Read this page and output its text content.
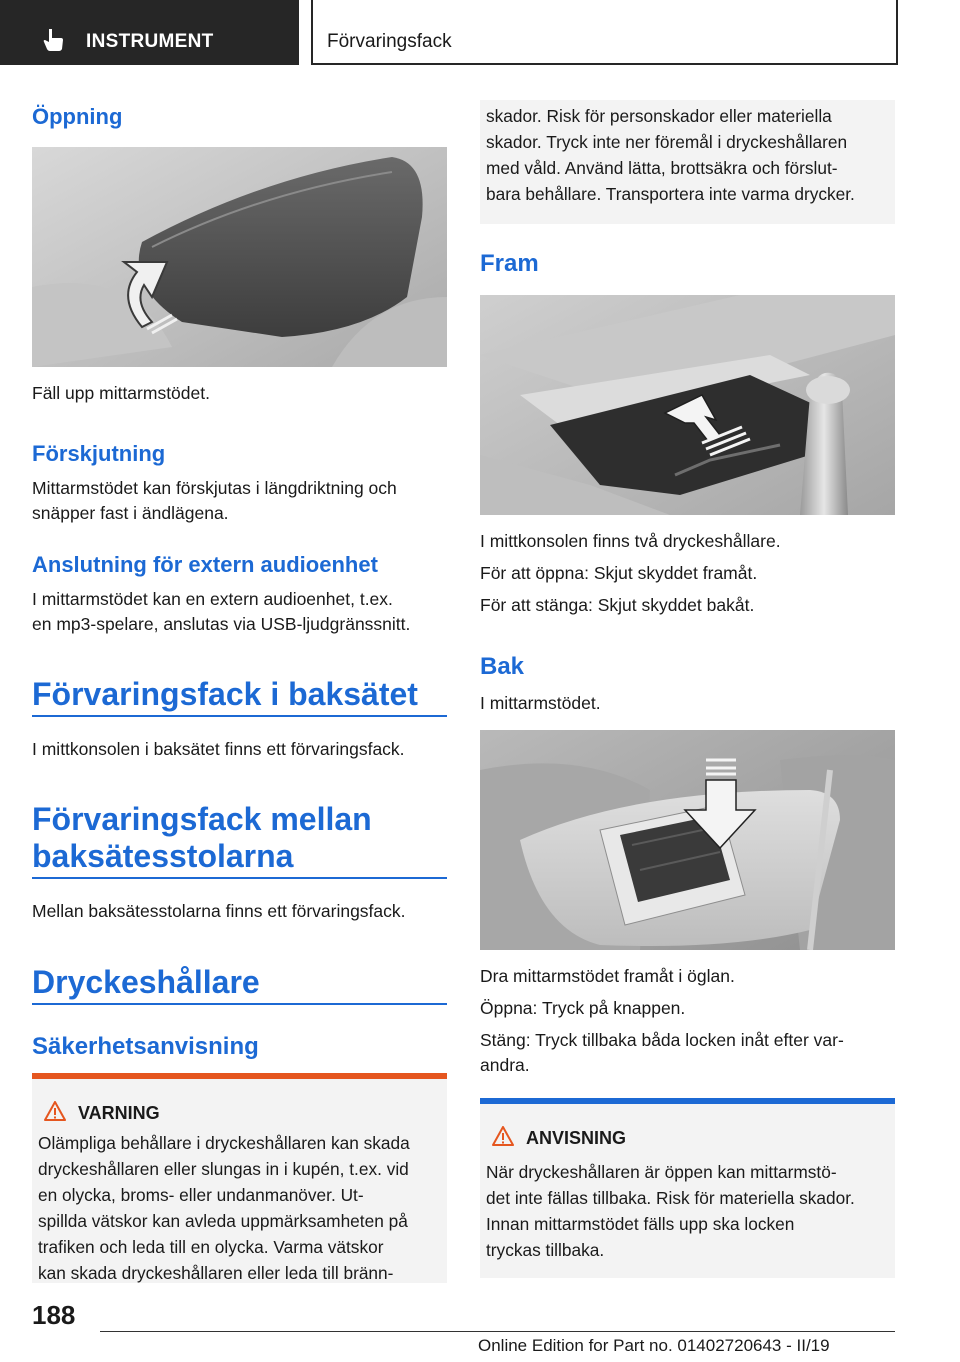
INSTRUMENT	Förvaringsfack
Öppning
Fäll upp mittarmstödet.
Förskjutning
Mittarmstödet kan förskjutas i längdriktning och
snäpper fast i ändlägena.
Anslutning för extern audioenhet
I mittarmstödet kan en extern audioenhet, t.ex.
en mp3-spelare, anslutas via USB-ljudgränssnitt.
Förvaringsfack i baksätet
I mittkonsolen i baksätet finns ett förvaringsfack.
Förvaringsfack mellan
baksätesstolarna
Mellan baksätesstolarna finns ett förvaringsfack.
Dryckeshållare
Säkerhetsanvisning
VARNING
Olämpliga behållare i dryckeshållaren kan skada
dryckeshållaren eller slungas in i kupén, t.ex. vid
en olycka, broms- eller undanmanöver. Ut-
spillda vätskor kan avleda uppmärksamheten på
trafiken och leda till en olycka. Varma vätskor
kan skada dryckeshållaren eller leda till bränn-
skador. Risk för personskador eller materiella
skador. Tryck inte ner föremål i dryckeshållaren
med våld. Använd lätta, brottsäkra och förslut-
bara behållare. Transportera inte varma drycker.
Fram
I mittkonsolen finns två dryckeshållare.
För att öppna: Skjut skyddet framåt.
För att stänga: Skjut skyddet bakåt.
Bak
I mittarmstödet.
Dra mittarmstödet framåt i öglan.
Öppna: Tryck på knappen.
Stäng: Tryck tillbaka båda locken inåt efter var-
andra.
ANVISNING
När dryckeshållaren är öppen kan mittarmstö-
det inte fällas tillbaka. Risk för materiella skador.
Innan mittarmstödet fälls upp ska locken
tryckas tillbaka.
188
Online Edition for Part no. 01402720643 - II/19
